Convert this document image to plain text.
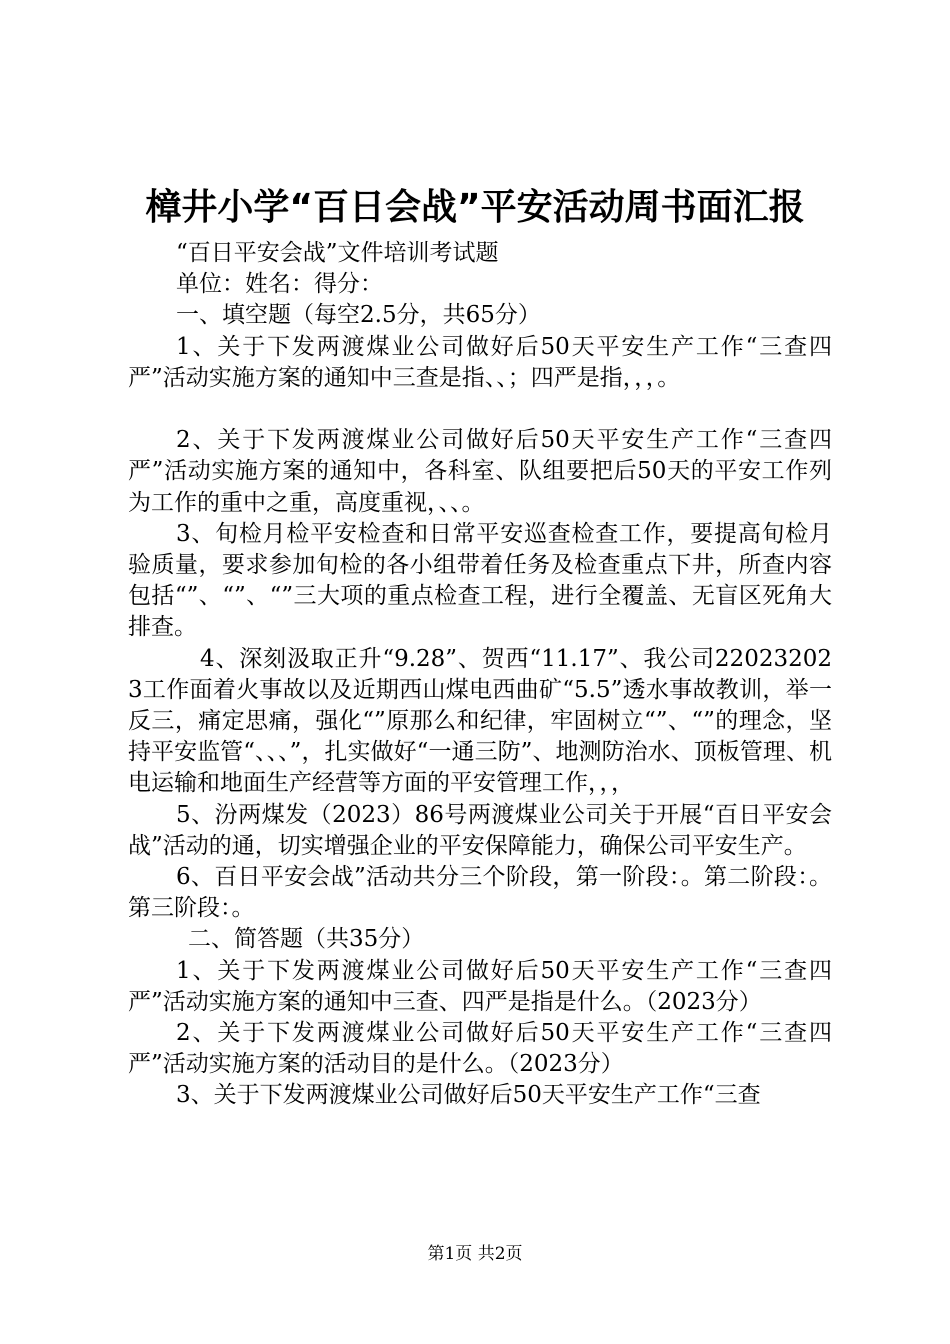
樟井小学“百日会战”平安活动周书面汇报

“百日平安会战”文件培训考试题

单位：姓名：得分：

一、填空题（每空2.5分，共65分）

1、关于下发两渡煤业公司做好后50天平安生产工作“三查四严”活动实施方案的通知中三查是指、、；四严是指，，，。

2、关于下发两渡煤业公司做好后50天平安生产工作“三查四严”活动实施方案的通知中，各科室、队组要把后50天的平安工作列为工作的重中之重，高度重视，、、。

3、旬检月检平安检查和日常平安巡查检查工作，要提高旬检月验质量，要求参加旬检的各小组带着任务及检查重点下井，所查内容包括“”、“”、“”三大项的重点检查工程，进行全覆盖、无盲区死角大排查。

4、深刻汲取正升“9.28”、贺西“11.17”、我公司220232023工作面着火事故以及近期西山煤电西曲矿“5.5”透水事故教训，举一反三，痛定思痛，强化“”原那么和纪律，牢固树立“”、“”的理念，坚持平安监管“、、、”，扎实做好“一通三防”、地测防治水、顶板管理、机电运输和地面生产经营等方面的平安管理工作，，，

5、汾两煤发（2023）86号两渡煤业公司关于开展“百日平安会战”活动的通，切实增强企业的平安保障能力，确保公司平安生产。

6、百日平安会战”活动共分三个阶段，第一阶段：。第二阶段：。第三阶段：。

二、简答题（共35分）

1、关于下发两渡煤业公司做好后50天平安生产工作“三查四严”活动实施方案的通知中三查、四严是指是什么。（2023分）

2、关于下发两渡煤业公司做好后50天平安生产工作“三查四严”活动实施方案的活动目的是什么。（2023分）

3、关于下发两渡煤业公司做好后50天平安生产工作“三查

第1页 共2页
